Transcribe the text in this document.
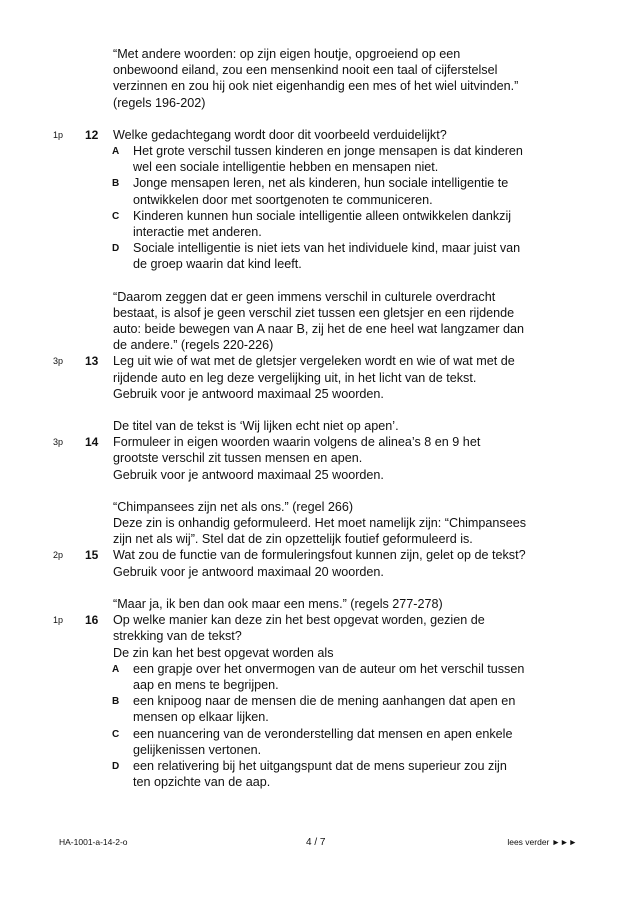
“Met andere woorden: op zijn eigen houtje, opgroeiend op een
onbewoond eiland, zou een mensenkind nooit een taal of cijferstelsel
verzinnen en zou hij ook niet eigenhandig een mes of het wiel uitvinden.”
(regels 196-202)
1p 12 Welke gedachtegang wordt door dit voorbeeld verduidelijkt?
A Het grote verschil tussen kinderen en jonge mensapen is dat kinderen
wel een sociale intelligentie hebben en mensapen niet.
B Jonge mensapen leren, net als kinderen, hun sociale intelligentie te
ontwikkelen door met soortgenoten te communiceren.
C Kinderen kunnen hun sociale intelligentie alleen ontwikkelen dankzij
interactie met anderen.
D Sociale intelligentie is niet iets van het individuele kind, maar juist van
de groep waarin dat kind leeft.
“Daarom zeggen dat er geen immens verschil in culturele overdracht
bestaat, is alsof je geen verschil ziet tussen een gletsjer en een rijdende
auto: beide bewegen van A naar B, zij het de ene heel wat langzamer dan
de andere.” (regels 220-226)
3p 13 Leg uit wie of wat met de gletsjer vergeleken wordt en wie of wat met de
rijdende auto en leg deze vergelijking uit, in het licht van de tekst.
Gebruik voor je antwoord maximaal 25 woorden.
De titel van de tekst is ‘Wij lijken echt niet op apen’.
3p 14 Formuleer in eigen woorden waarin volgens de alinea’s 8 en 9 het
grootste verschil zit tussen mensen en apen.
Gebruik voor je antwoord maximaal 25 woorden.
“Chimpansees zijn net als ons.” (regel 266)
Deze zin is onhandig geformuleerd. Het moet namelijk zijn: “Chimpansees
zijn net als wij”. Stel dat de zin opzettelijk foutief geformuleerd is.
2p 15 Wat zou de functie van de formuleringsfout kunnen zijn, gelet op de tekst?
Gebruik voor je antwoord maximaal 20 woorden.
“Maar ja, ik ben dan ook maar een mens.” (regels 277-278)
1p 16 Op welke manier kan deze zin het best opgevat worden, gezien de
strekking van de tekst?
De zin kan het best opgevat worden als
A een grapje over het onvermogen van de auteur om het verschil tussen
aap en mens te begrijpen.
B een knipoog naar de mensen die de mening aanhangen dat apen en
mensen op elkaar lijken.
C een nuancering van de veronderstelling dat mensen en apen enkele
gelijkenissen vertonen.
D een relativering bij het uitgangspunt dat de mens superieur zou zijn
ten opzichte van de aap.
HA-1001-a-14-2-o	4 / 7	lees verder ►►►
